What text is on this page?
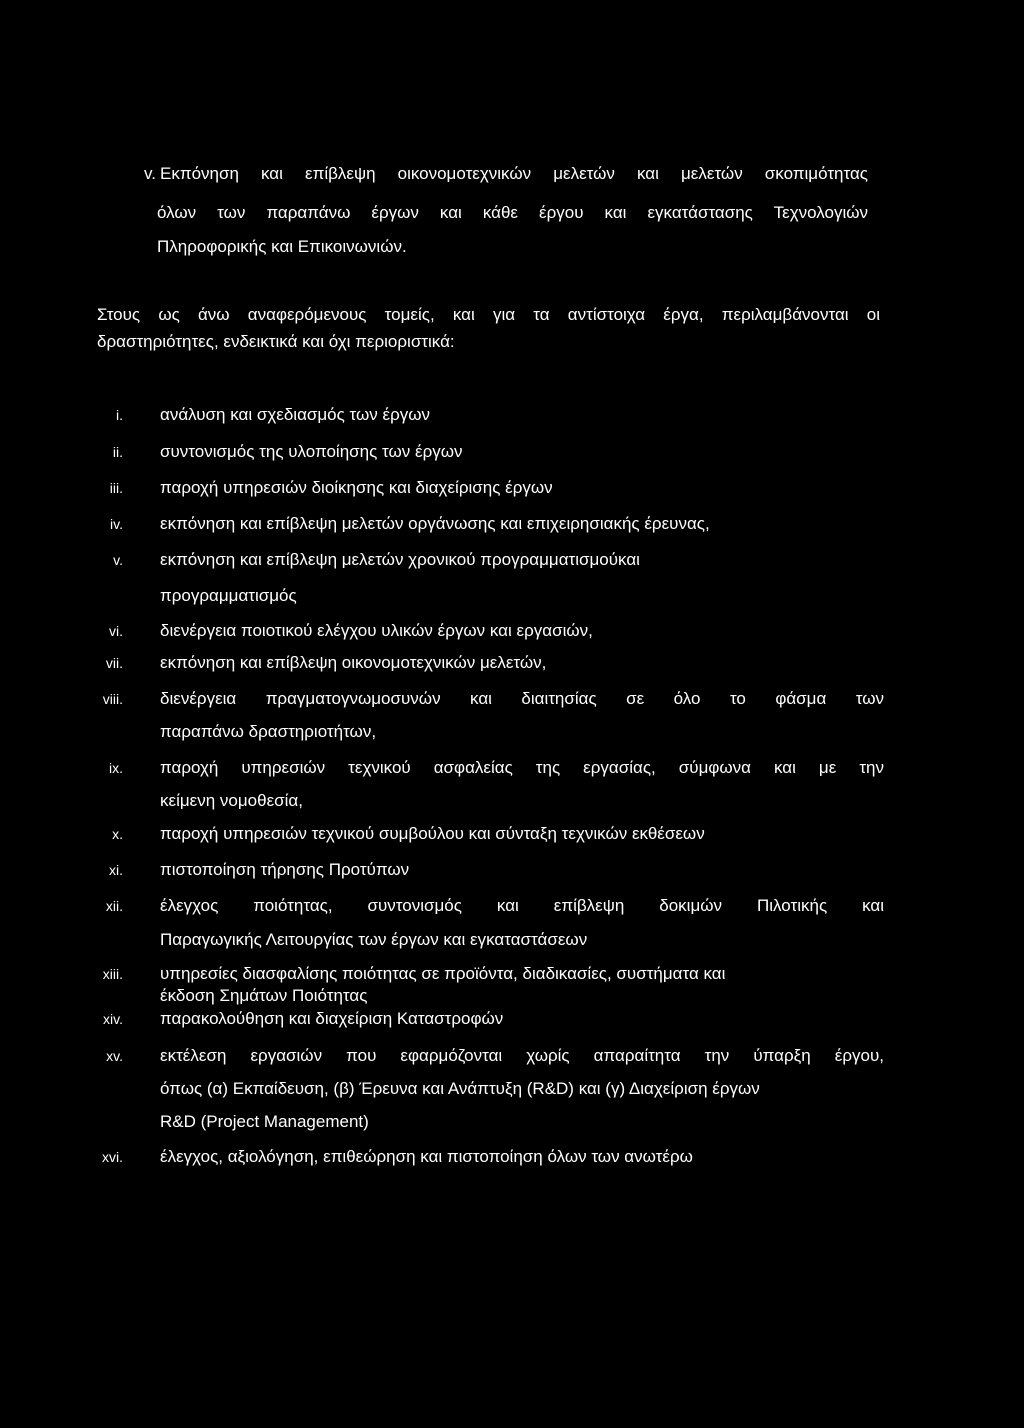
v. Εκπόνηση και επίβλεψη οικονομοτεχνικών μελετών και μελετών σκοπιμότητας
όλων των παραπάνω έργων και κάθε έργου και εγκατάστασης Τεχνολογιών
Πληροφορικής και Επικοινωνιών.
Στους ως άνω αναφερόμενους τομείς, και για τα αντίστοιχα έργα, περιλαμβάνονται οι
δραστηριότητες, ενδεικτικά και όχι περιοριστικά:
i. ανάλυση και σχεδιασμός των έργων
ii. συντονισμός της υλοποίησης των έργων
iii. παροχή υπηρεσιών διοίκησης και διαχείρισης έργων
iv. εκπόνηση και επίβλεψη μελετών οργάνωσης και επιχειρησιακής έρευνας,
v. εκπόνηση και επίβλεψη μελετών χρονικού προγραμματισμούκαι
προγραμματισμός
vi. διενέργεια ποιοτικού ελέγχου υλικών έργων και εργασιών,
vii. εκπόνηση και επίβλεψη οικονομοτεχνικών μελετών,
viii. διενέργεια πραγματογνωμοσυνών και διαιτησίας σε όλο το φάσμα των
παραπάνω δραστηριοτήτων,
ix. παροχή υπηρεσιών τεχνικού ασφαλείας της εργασίας, σύμφωνα και με την
κείμενη νομοθεσία,
x. παροχή υπηρεσιών τεχνικού συμβούλου και σύνταξη τεχνικών εκθέσεων
xi. πιστοποίηση τήρησης Προτύπων
xii. έλεγχος ποιότητας, συντονισμός και επίβλεψη δοκιμών Πιλοτικής και
Παραγωγικής Λειτουργίας των έργων και εγκαταστάσεων
xiii. υπηρεσίες διασφαλίσης ποιότητας σε προϊόντα, διαδικασίες, συστήματα και
έκδοση Σημάτων Ποιότητας
xiv. παρακολούθηση και διαχείριση Καταστροφών
xv. εκτέλεση εργασιών που εφαρμόζονται χωρίς απαραίτητα την ύπαρξη έργου,
όπως (α) Εκπαίδευση, (β) Έρευνα και Ανάπτυξη (R&D) και (γ) Διαχείριση έργων
R&D (Project Management)
xvi. έλεγχος, αξιολόγηση, επιθεώρηση και πιστοποίηση όλων των ανωτέρω
